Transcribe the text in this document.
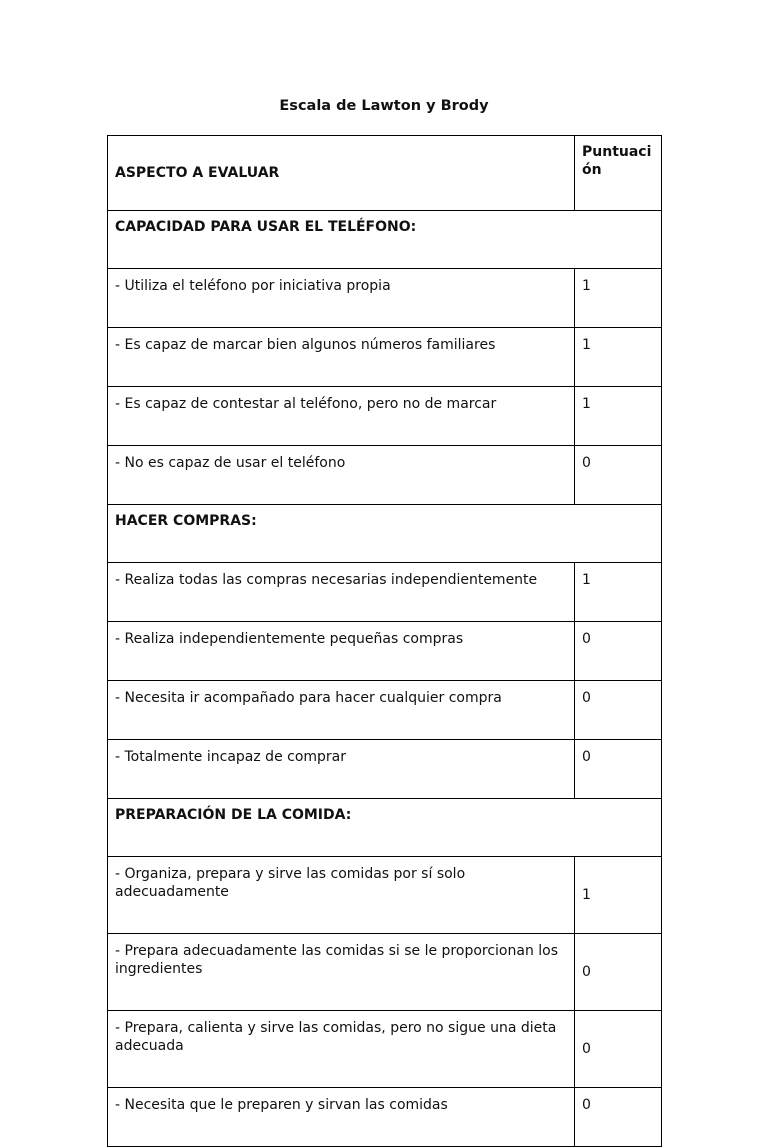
Escala de Lawton y Brody
ASPECTO A EVALUAR	Puntuación
CAPACIDAD PARA USAR EL TELÉFONO:	
- Utiliza el teléfono por iniciativa propia	1
- Es capaz de marcar bien algunos números familiares	1
- Es capaz de contestar al teléfono, pero no de marcar	1
- No es capaz de usar el teléfono	0
HACER COMPRAS:	
- Realiza todas las compras necesarias independientemente	1
- Realiza independientemente pequeñas compras	0
- Necesita ir acompañado para hacer cualquier compra	0
- Totalmente incapaz de comprar	0
PREPARACIÓN DE LA COMIDA:	
- Organiza, prepara y sirve las comidas por sí solo adecuadamente	1
- Prepara adecuadamente las comidas si se le proporcionan los ingredientes	0
- Prepara, calienta y sirve las comidas, pero no sigue una dieta adecuada	0
- Necesita que le preparen y sirvan las comidas	0
